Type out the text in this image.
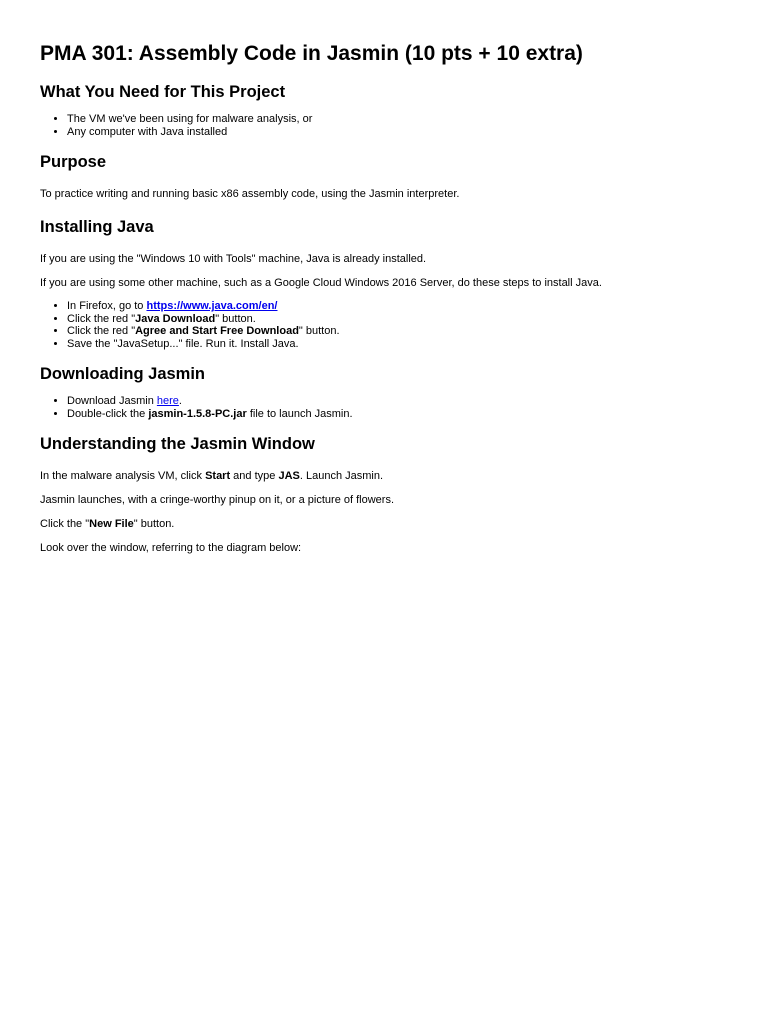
PMA 301: Assembly Code in Jasmin (10 pts + 10 extra)
What You Need for This Project
• The VM we've been using for malware analysis, or
• Any computer with Java installed
Purpose

To practice writing and running basic x86 assembly code, using the Jasmin interpreter.

Installing Java

If you are using the "Windows 10 with Tools" machine, Java is already installed.

If you are using some other machine, such as a Google Cloud Windows 2016 Server, do these steps to install Java.

• In Firefox, go to https://www.java.com/en/
• Click the red "Java Download" button.
• Click the red "Agree and Start Free Download" button.
• Save the "JavaSetup..." file. Run it. Install Java.
Downloading Jasmin
• Download Jasmin here.
• Double-click the jasmin-1.5.8-PC.jar file to launch Jasmin.
Understanding the Jasmin Window

In the malware analysis VM, click Start and type JAS. Launch Jasmin.

Jasmin launches, with a cringe-worthy pinup on it, or a picture of flowers.

Click the "New File" button.

Look over the window, referring to the diagram below:
